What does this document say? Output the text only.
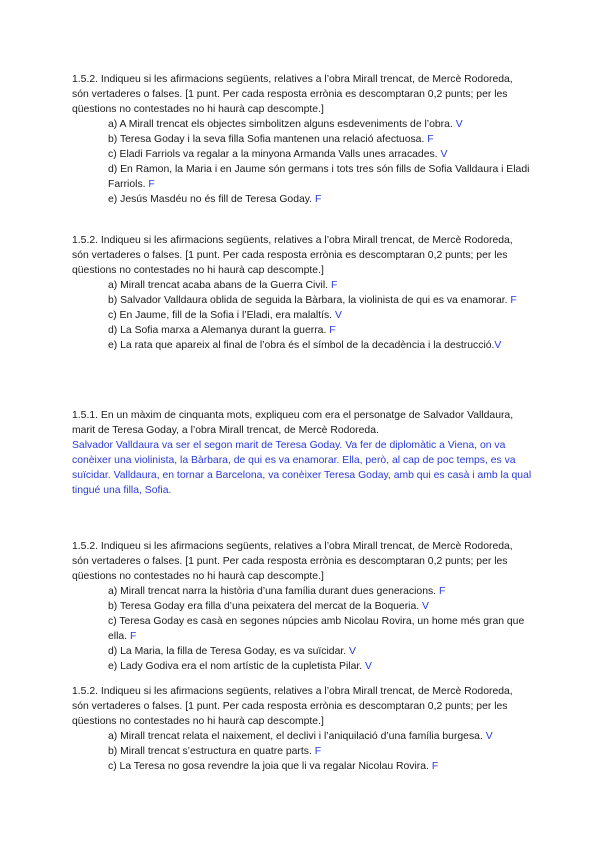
1.5.2. Indiqueu si les afirmacions següents, relatives a l’obra Mirall trencat, de Mercè Rodoreda, són vertaderes o falses. [1 punt. Per cada resposta errònia es descomptaran 0,2 punts; per les qüestions no contestades no hi haurà cap descompte.]

a) A Mirall trencat els objectes simbolitzen alguns esdeveniments de l’obra. V
b) Teresa Goday i la seva filla Sofia mantenen una relació afectuosa. F
c) Eladi Farriols va regalar a la minyona Armanda Valls unes arracades. V
d) En Ramon, la Maria i en Jaume són germans i tots tres són fills de Sofia Valldaura i Eladi Farriols. F
e) Jesús Masdéu no és fill de Teresa Goday. F

1.5.2. Indiqueu si les afirmacions següents, relatives a l’obra Mirall trencat, de Mercè Rodoreda, són vertaderes o falses. [1 punt. Per cada resposta errònia es descomptaran 0,2 punts; per les qüestions no contestades no hi haurà cap descompte.]

a) Mirall trencat acaba abans de la Guerra Civil. F
b) Salvador Valldaura oblida de seguida la Bàrbara, la violinista de qui es va enamorar. F
c) En Jaume, fill de la Sofia i l’Eladi, era malaltís. V
d) La Sofia marxa a Alemanya durant la guerra. F
e) La rata que apareix al final de l’obra és el símbol de la decadència i la destrucció.V

1.5.1. En un màxim de cinquanta mots, expliqueu com era el personatge de Salvador Valldaura, marit de Teresa Goday, a l’obra Mirall trencat, de Mercè Rodoreda.

Salvador Valldaura va ser el segon marit de Teresa Goday. Va fer de diplomàtic a Viena, on va conèixer una violinista, la Bàrbara, de qui es va enamorar. Ella, però, al cap de poc temps, es va suïcidar. Valldaura, en tornar a Barcelona, va conèixer Teresa Goday, amb qui es casà i amb la qual tingué una filla, Sofia.

1.5.2. Indiqueu si les afirmacions següents, relatives a l’obra Mirall trencat, de Mercè Rodoreda, són vertaderes o falses. [1 punt. Per cada resposta errònia es descomptaran 0,2 punts; per les qüestions no contestades no hi haurà cap descompte.]

a) Mirall trencat narra la història d’una família durant dues generacions. F
b) Teresa Goday era filla d’una peixatera del mercat de la Boqueria. V
c) Teresa Goday es casà en segones núpcies amb Nicolau Rovira, un home més gran que ella. F
d) La Maria, la filla de Teresa Goday, es va suïcidar. V
e) Lady Godiva era el nom artístic de la cupletista Pilar. V

1.5.2. Indiqueu si les afirmacions següents, relatives a l’obra Mirall trencat, de Mercè Rodoreda, són vertaderes o falses. [1 punt. Per cada resposta errònia es descomptaran 0,2 punts; per les qüestions no contestades no hi haurà cap descompte.]

a) Mirall trencat relata el naixement, el declivi i l’aniquilació d’una família burgesa. V
b) Mirall trencat s’estructura en quatre parts. F
c) La Teresa no gosa revendre la joia que li va regalar Nicolau Rovira. F
